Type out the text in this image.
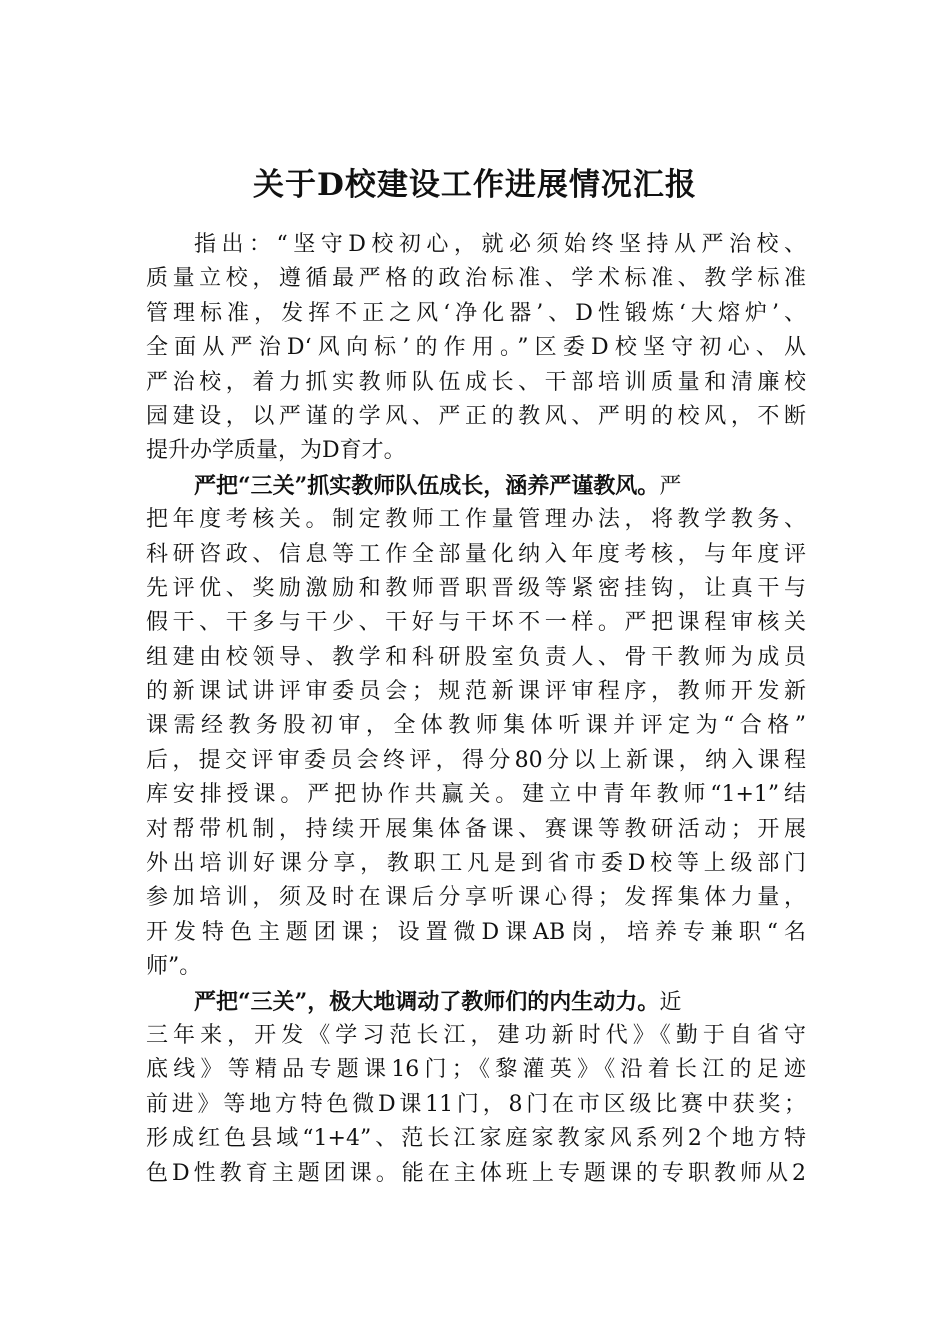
关于D校建设工作进展情况汇报
指出：“坚守D校初心，就必须始终坚持从严治校、
质量立校，遵循最严格的政治标准、学术标准、教学标准
管理标准，发挥不正之风‘净化器’、D性锻炼‘大熔炉’、
全面从严治D‘风向标’的作用。”区委D校坚守初心、从
严治校，着力抓实教师队伍成长、干部培训质量和清廉校
园建设，以严谨的学风、严正的教风、严明的校风，不断
提升办学质量，为D育才。
严把“三关”抓实教师队伍成长，涵养严谨教风。严
把年度考核关。制定教师工作量管理办法，将教学教务、
科研咨政、信息等工作全部量化纳入年度考核，与年度评
先评优、奖励激励和教师晋职晋级等紧密挂钩，让真干与
假干、干多与干少、干好与干坏不一样。严把课程审核关
组建由校领导、教学和科研股室负责人、骨干教师为成员
的新课试讲评审委员会；规范新课评审程序，教师开发新
课需经教务股初审，全体教师集体听课并评定为“合格”
后，提交评审委员会终评，得分80分以上新课，纳入课程
库安排授课。严把协作共赢关。建立中青年教师“1+1”结
对帮带机制，持续开展集体备课、赛课等教研活动；开展
外出培训好课分享，教职工凡是到省市委D校等上级部门
参加培训，须及时在课后分享听课心得；发挥集体力量，
开发特色主题团课；设置微D课AB岗，培养专兼职“名
师”。
严把“三关”，极大地调动了教师们的内生动力。近
三年来，开发《学习范长江，建功新时代》《勤于自省守
底线》等精品专题课16门；《黎灌英》《沿着长江的足迹
前进》等地方特色微D课11门，8门在市区级比赛中获奖；
形成红色县域“1+4”、范长江家庭家教家风系列2个地方特
色D性教育主题团课。能在主体班上专题课的专职教师从2
